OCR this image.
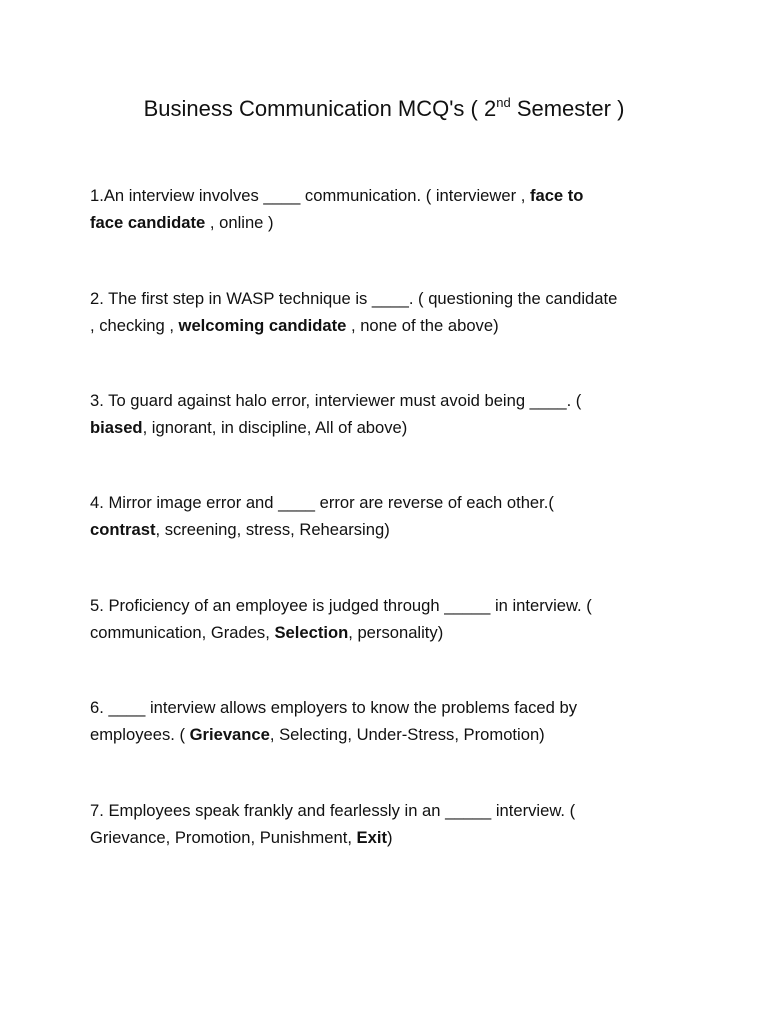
Business Communication MCQ's ( 2nd Semester )
1.An interview involves ____ communication. ( interviewer , face to
face candidate , online )
2. The first step in WASP technique is ____. ( questioning the candidate
, checking , welcoming candidate , none of the above)
3. To guard against halo error, interviewer must avoid being ____. (
biased, ignorant, in discipline, All of above)
4. Mirror image error and ____ error are reverse of each other.(
contrast, screening, stress, Rehearsing)
5. Proficiency of an employee is judged through _____ in interview. (
communication, Grades, Selection, personality)
6. ____ interview allows employers to know the problems faced by
employees. ( Grievance, Selecting, Under-Stress, Promotion)
7. Employees speak frankly and fearlessly in an _____ interview. (
Grievance, Promotion, Punishment, Exit)
